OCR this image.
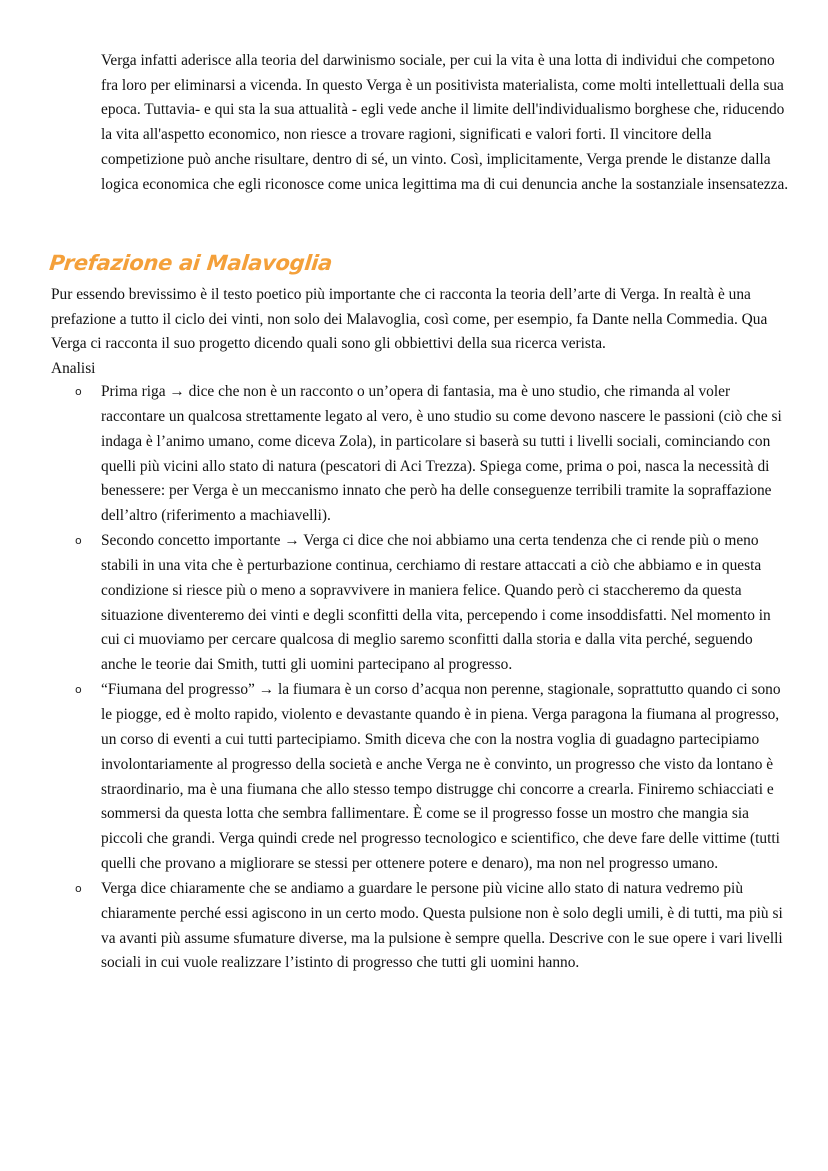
Verga infatti aderisce alla teoria del darwinismo sociale, per cui la vita è una lotta di individui che competono fra loro per eliminarsi a vicenda. In questo Verga è un positivista materialista, come molti intellettuali della sua epoca. Tuttavia- e qui sta la sua attualità - egli vede anche il limite dell'individualismo borghese che, riducendo la vita all'aspetto economico, non riesce a trovare ragioni, significati e valori forti. Il vincitore della competizione può anche risultare, dentro di sé, un vinto. Così, implicitamente, Verga prende le distanze dalla logica economica che egli riconosce come unica legittima ma di cui denuncia anche la sostanziale insensatezza.

Prefazione ai Malavoglia

Pur essendo brevissimo è il testo poetico più importante che ci racconta la teoria dell’arte di Verga. In realtà è una prefazione a tutto il ciclo dei vinti, non solo dei Malavoglia, così come, per esempio, fa Dante nella Commedia. Qua Verga ci racconta il suo progetto dicendo quali sono gli obbiettivi della sua ricerca verista.
Analisi

o Prima riga → dice che non è un racconto o un’opera di fantasia, ma è uno studio, che rimanda al voler raccontare un qualcosa strettamente legato al vero, è uno studio su come devono nascere le passioni (ciò che si indaga è l’animo umano, come diceva Zola), in particolare si baserà su tutti i livelli sociali, cominciando con quelli più vicini allo stato di natura (pescatori di Aci Trezza). Spiega come, prima o poi, nasca la necessità di benessere: per Verga è un meccanismo innato che però ha delle conseguenze terribili tramite la sopraffazione dell’altro (riferimento a machiavelli).
o Secondo concetto importante → Verga ci dice che noi abbiamo una certa tendenza che ci rende più o meno stabili in una vita che è perturbazione continua, cerchiamo di restare attaccati a ciò che abbiamo e in questa condizione si riesce più o meno a sopravvivere in maniera felice. Quando però ci staccheremo da questa situazione diventeremo dei vinti e degli sconfitti della vita, percependo i come insoddisfatti. Nel momento in cui ci muoviamo per cercare qualcosa di meglio saremo sconfitti dalla storia e dalla vita perché, seguendo anche le teorie dai Smith, tutti gli uomini partecipano al progresso.
o “Fiumana del progresso” → la fiumara è un corso d’acqua non perenne, stagionale, soprattutto quando ci sono le piogge, ed è molto rapido, violento e devastante quando è in piena. Verga paragona la fiumana al progresso, un corso di eventi a cui tutti partecipiamo. Smith diceva che con la nostra voglia di guadagno partecipiamo involontariamente al progresso della società e anche Verga ne è convinto, un progresso che visto da lontano è straordinario, ma è una fiumana che allo stesso tempo distrugge chi concorre a crearla. Finiremo schiacciati e sommersi da questa lotta che sembra fallimentare. È come se il progresso fosse un mostro che mangia sia piccoli che grandi. Verga quindi crede nel progresso tecnologico e scientifico, che deve fare delle vittime (tutti quelli che provano a migliorare se stessi per ottenere potere e denaro), ma non nel progresso umano.
o Verga dice chiaramente che se andiamo a guardare le persone più vicine allo stato di natura vedremo più chiaramente perché essi agiscono in un certo modo. Questa pulsione non è solo degli umili, è di tutti, ma più si va avanti più assume sfumature diverse, ma la pulsione è sempre quella. Descrive con le sue opere i vari livelli sociali in cui vuole realizzare l’istinto di progresso che tutti gli uomini hanno.
